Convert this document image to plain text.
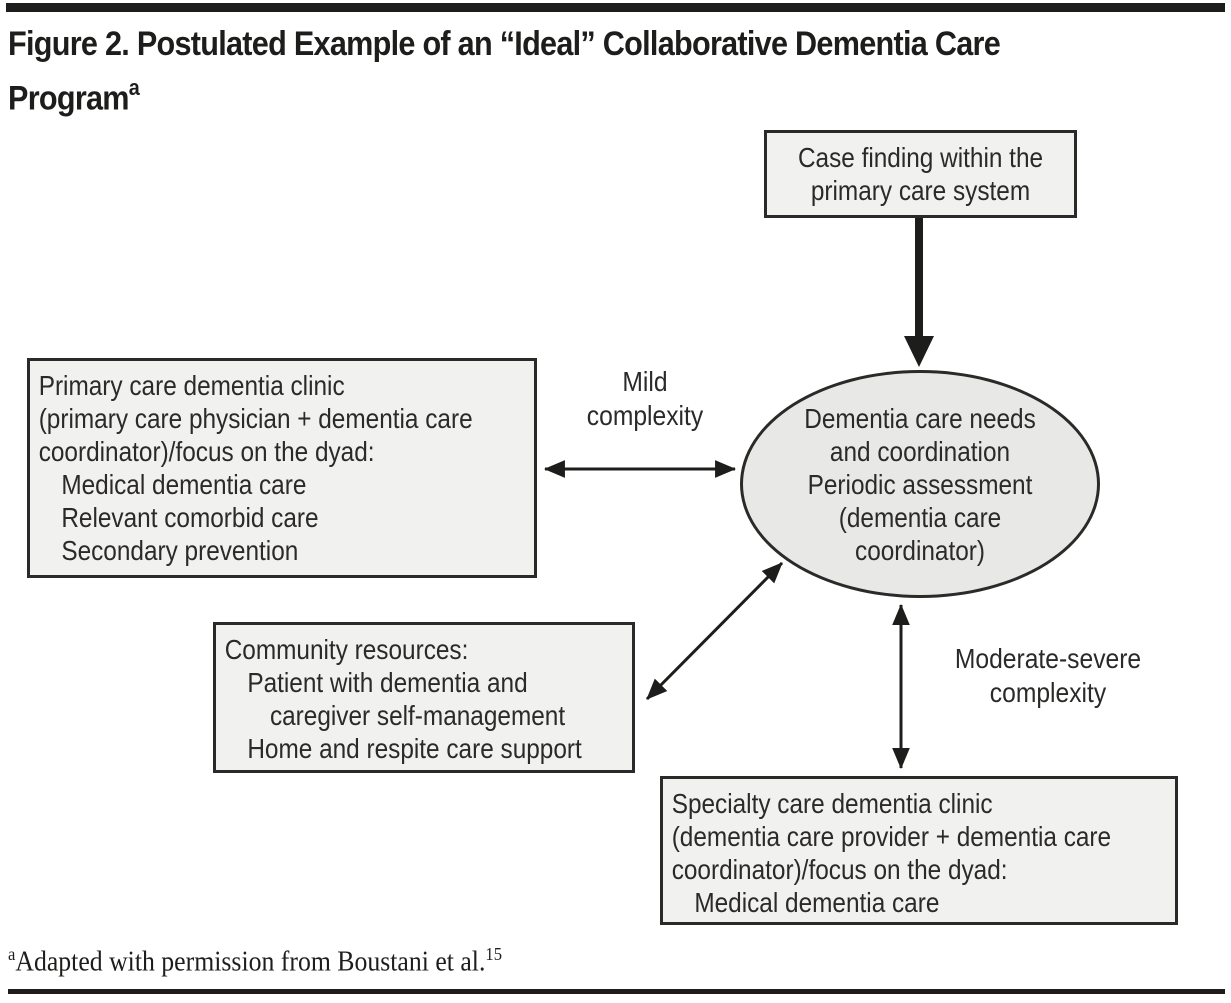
Figure 2. Postulated Example of an “Ideal” Collaborative Dementia Care
Program$^a$
Case finding within the
primary care system
Dementia care needs
and coordination
Periodic assessment
(dementia care
coordinator)
Primary care dementia clinic
(primary care physician + dementia care
coordinator)/focus on the dyad:
Medical dementia care
Relevant comorbid care
Secondary prevention
Community resources:
Patient with dementia and
caregiver self-management
Home and respite care support
Specialty care dementia clinic
(dementia care provider + dementia care
coordinator)/focus on the dyad:
Medical dementia care
Mild
complexity
Moderate-severe
complexity
$^a$Adapted with permission from Boustani et al.$^{15}$
